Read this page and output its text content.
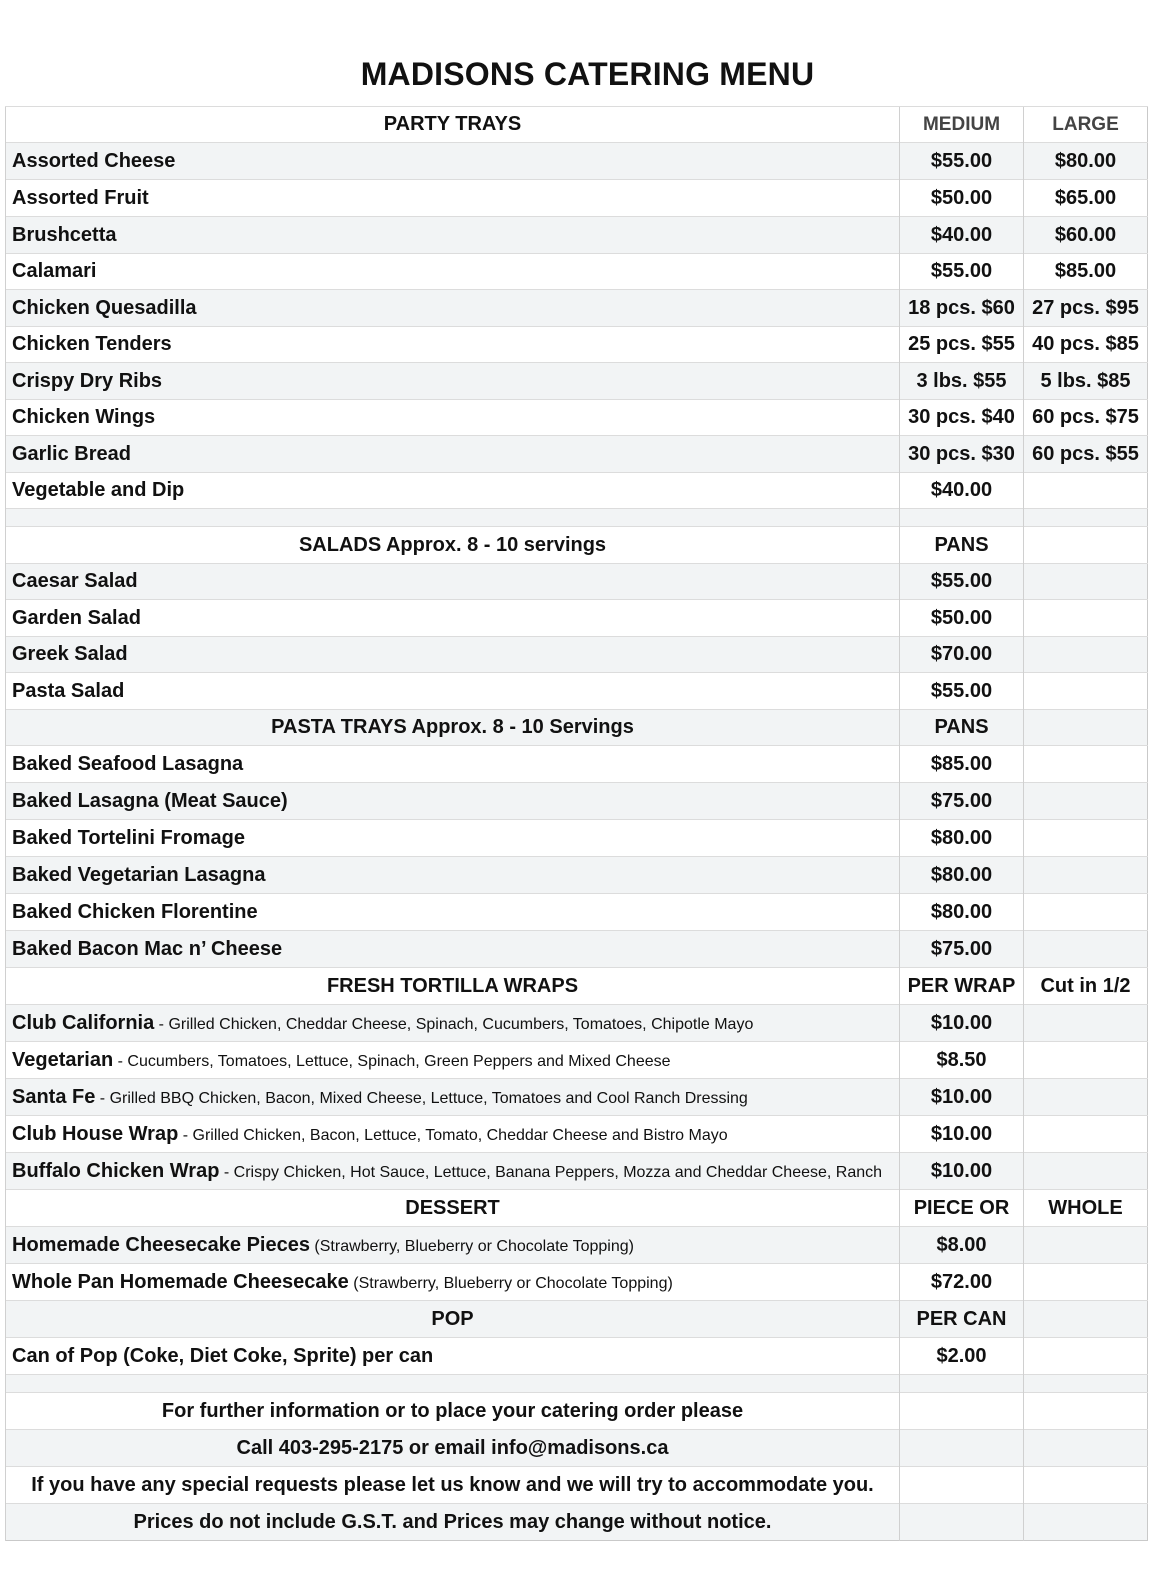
MADISONS CATERING MENU
PARTY TRAYS	MEDIUM	LARGE
Assorted Cheese	$55.00	$80.00
Assorted Fruit	$50.00	$65.00
Brushcetta	$40.00	$60.00
Calamari	$55.00	$85.00
Chicken Quesadilla	18 pcs. $60	27 pcs. $95
Chicken Tenders	25 pcs. $55	40 pcs. $85
Crispy Dry Ribs	3 lbs. $55	5 lbs. $85
Chicken Wings	30 pcs. $40	60 pcs. $75
Garlic Bread	30 pcs. $30	60 pcs. $55
Vegetable and Dip	$40.00	

SALADS Approx. 8 - 10 servings	PANS	
Caesar Salad	$55.00	
Garden Salad	$50.00	
Greek Salad	$70.00	
Pasta Salad	$55.00	
PASTA TRAYS Approx. 8 - 10 Servings	PANS	
Baked Seafood Lasagna	$85.00	
Baked Lasagna (Meat Sauce)	$75.00	
Baked Tortelini Fromage	$80.00	
Baked Vegetarian Lasagna	$80.00	
Baked Chicken Florentine	$80.00	
Baked Bacon Mac n’ Cheese	$75.00	
FRESH TORTILLA WRAPS	PER WRAP	Cut in 1/2
Club California - Grilled Chicken, Cheddar Cheese, Spinach, Cucumbers, Tomatoes, Chipotle Mayo	$10.00	
Vegetarian - Cucumbers, Tomatoes, Lettuce, Spinach, Green Peppers and Mixed Cheese	$8.50	
Santa Fe - Grilled BBQ Chicken, Bacon, Mixed Cheese, Lettuce, Tomatoes and Cool Ranch Dressing	$10.00	
Club House Wrap - Grilled Chicken, Bacon, Lettuce, Tomato, Cheddar Cheese and Bistro Mayo	$10.00	
Buffalo Chicken Wrap - Crispy Chicken, Hot Sauce, Lettuce, Banana Peppers, Mozza and Cheddar Cheese, Ranch	$10.00	
DESSERT	PIECE OR	WHOLE
Homemade Cheesecake Pieces (Strawberry, Blueberry or Chocolate Topping)	$8.00	
Whole Pan Homemade Cheesecake (Strawberry, Blueberry or Chocolate Topping)	$72.00	
POP	PER CAN	
Can of Pop (Coke, Diet Coke, Sprite) per can	$2.00	

For further information or to place your catering order please		
Call 403-295-2175 or email info@madisons.ca		
If you have any special requests please let us know and we will try to accommodate you.		
Prices do not include G.S.T. and Prices may change without notice.		
